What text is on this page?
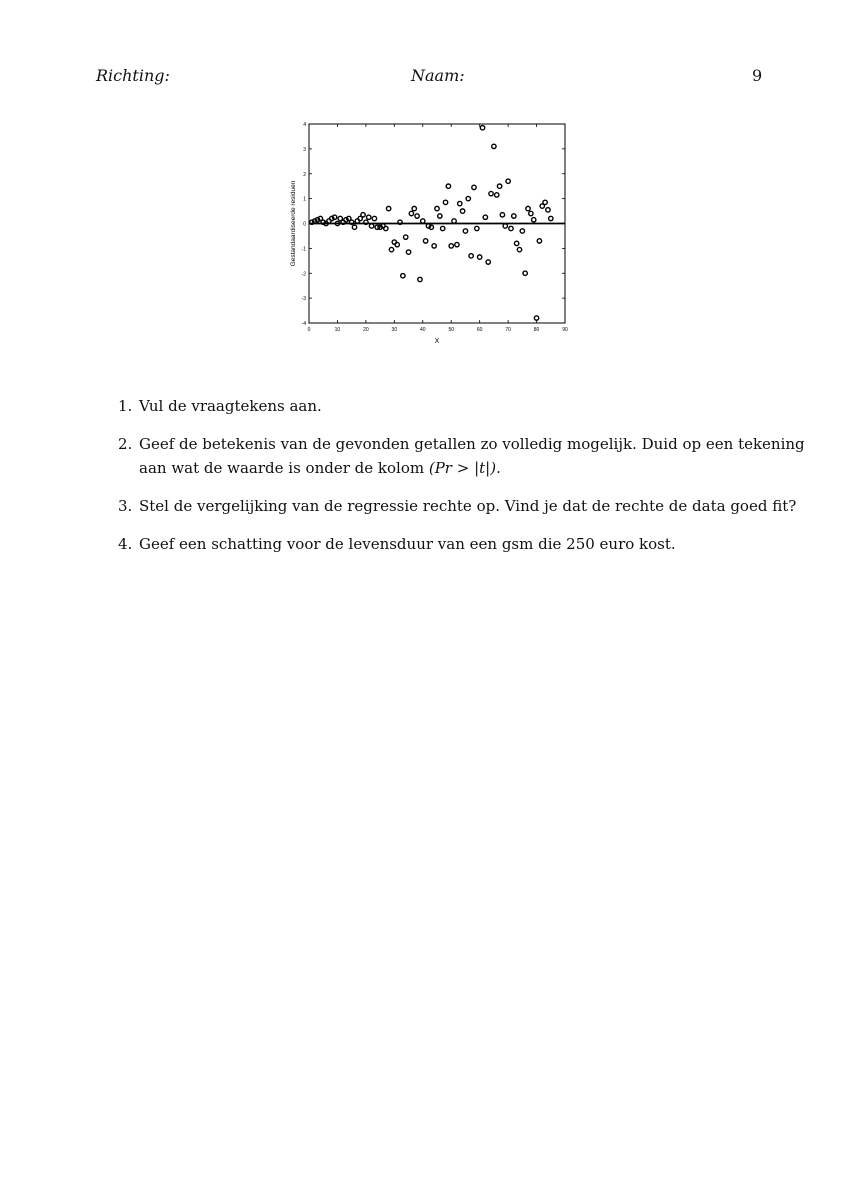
Richting:	Naam:	9
0	10	20	30	40	50	60	70	80	90
-4
-3
-2
-1
0
1
2
3
4
X
Gestandaardiseerde residuen
1. Vul de vraagtekens aan.
2. Geef de betekenis van de gevonden getallen zo volledig mogelijk. Duid op een tekening
aan wat de waarde is onder de kolom (Pr > |t|).
3. Stel de vergelijking van de regressie rechte op. Vind je dat de rechte de data goed fit?
4. Geef een schatting voor de levensduur van een gsm die 250 euro kost.
